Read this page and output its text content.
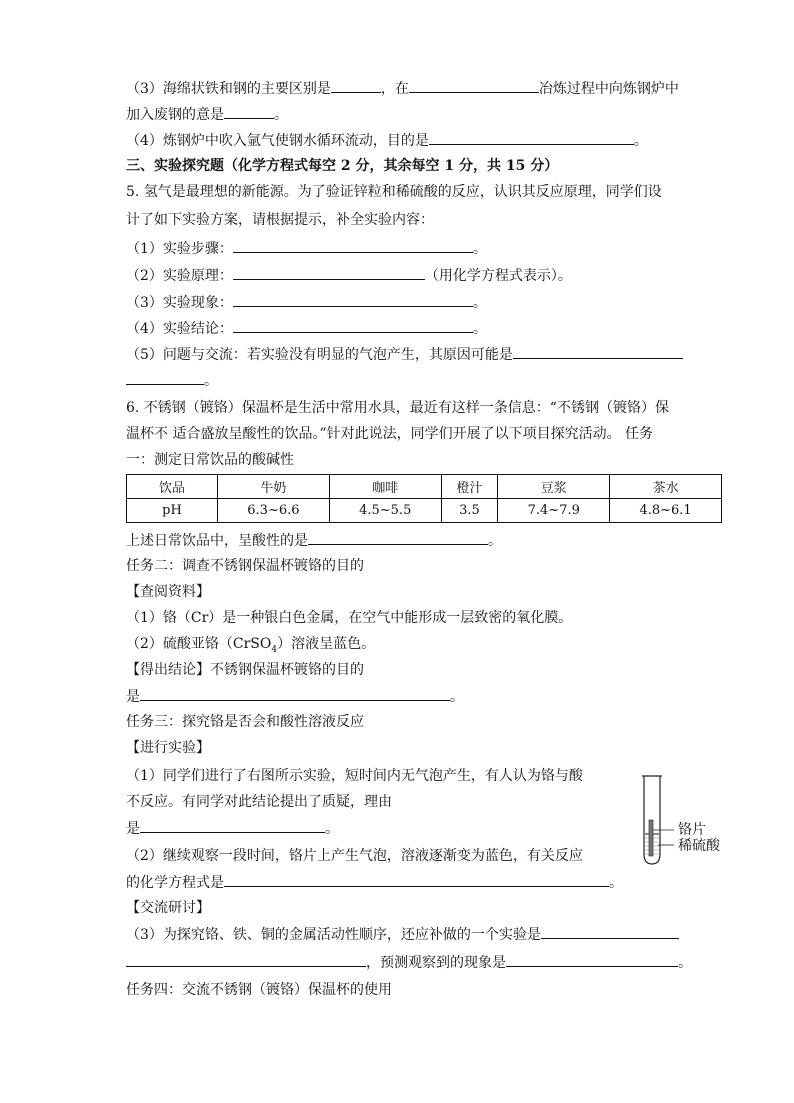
（3）海绵状铁和钢的主要区别是	，在	冶炼过程中向炼钢炉中
加入废钢的意是	。
（4）炼钢炉中吹入氩气使钢水循环流动，目的是	。
三、实验探究题（化学方程式每空 2 分，其余每空 1 分，共 15 分）
5. 氢气是最理想的新能源。为了验证锌粒和稀硫酸的反应，认识其反应原理，同学们设
计了如下实验方案，请根据提示，补全实验内容：
（1）实验步骤：	。
（2）实验原理：	（用化学方程式表示）。
（3）实验现象：	。
（4）实验结论：	。
（5）问题与交流：若实验没有明显的气泡产生，其原因可能是
。
6. 不锈钢（镀铬）保温杯是生活中常用水具，最近有这样一条信息：“不锈钢（镀铬）保
温杯不 适合盛放呈酸性的饮品。”针对此说法，同学们开展了以下项目探究活动。 任务
一：测定日常饮品的酸碱性
饮品	牛奶	咖啡	橙汁	豆浆	茶水
pH	6.3~6.6	4.5~5.5	3.5	7.4~7.9	4.8~6.1
上述日常饮品中，呈酸性的是	。
任务二：调查不锈钢保温杯镀铬的目的
【查阅资料】
（1）铬（Cr）是一种银白色金属，在空气中能形成一层致密的氧化膜。
（2）硫酸亚铬（CrSO$_4$）溶液呈蓝色。
【得出结论】不锈钢保温杯镀铬的目的
是	。
任务三：探究铬是否会和酸性溶液反应
【进行实验】
（1）同学们进行了右图所示实验，短时间内无气泡产生，有人认为铬与酸
不反应。有同学对此结论提出了质疑，理由
是	。
（2）继续观察一段时间，铬片上产生气泡，溶液逐渐变为蓝色，有关反应
的化学方程式是	。
铬片
稀硫酸
【交流研讨】
（3）为探究铬、铁、铜的金属活动性顺序，还应补做的一个实验是
，预测观察到的现象是	。
任务四：交流不锈钢（镀铬）保温杯的使用
